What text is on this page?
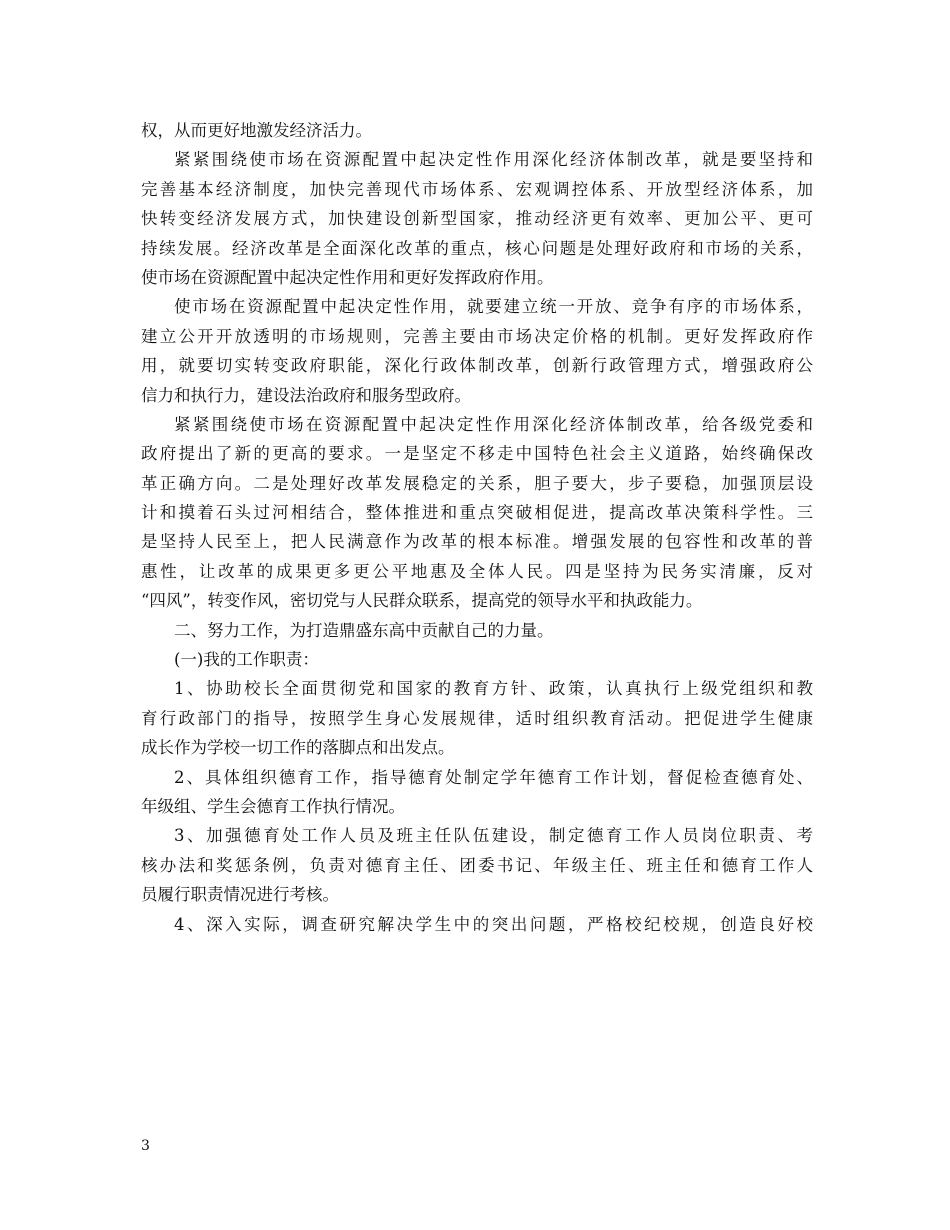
权，从而更好地激发经济活力。
紧紧围绕使市场在资源配置中起决定性作用深化经济体制改革，就是要坚持和
完善基本经济制度，加快完善现代市场体系、宏观调控体系、开放型经济体系，加
快转变经济发展方式，加快建设创新型国家，推动经济更有效率、更加公平、更可
持续发展。经济改革是全面深化改革的重点，核心问题是处理好政府和市场的关系，
使市场在资源配置中起决定性作用和更好发挥政府作用。
使市场在资源配置中起决定性作用，就要建立统一开放、竞争有序的市场体系，
建立公开开放透明的市场规则，完善主要由市场决定价格的机制。更好发挥政府作
用，就要切实转变政府职能，深化行政体制改革，创新行政管理方式，增强政府公
信力和执行力，建设法治政府和服务型政府。
紧紧围绕使市场在资源配置中起决定性作用深化经济体制改革，给各级党委和
政府提出了新的更高的要求。一是坚定不移走中国特色社会主义道路，始终确保改
革正确方向。二是处理好改革发展稳定的关系，胆子要大，步子要稳，加强顶层设
计和摸着石头过河相结合，整体推进和重点突破相促进，提高改革决策科学性。三
是坚持人民至上，把人民满意作为改革的根本标准。增强发展的包容性和改革的普
惠性，让改革的成果更多更公平地惠及全体人民。四是坚持为民务实清廉，反对
“四风”，转变作风，密切党与人民群众联系，提高党的领导水平和执政能力。
二、努力工作，为打造鼎盛东高中贡献自己的力量。
(一)我的工作职责：
1、协助校长全面贯彻党和国家的教育方针、政策，认真执行上级党组织和教
育行政部门的指导，按照学生身心发展规律，适时组织教育活动。把促进学生健康
成长作为学校一切工作的落脚点和出发点。
2、具体组织德育工作，指导德育处制定学年德育工作计划，督促检查德育处、
年级组、学生会德育工作执行情况。
3、加强德育处工作人员及班主任队伍建设，制定德育工作人员岗位职责、考
核办法和奖惩条例，负责对德育主任、团委书记、年级主任、班主任和德育工作人
员履行职责情况进行考核。
4、深入实际，调查研究解决学生中的突出问题，严格校纪校规，创造良好校
3
